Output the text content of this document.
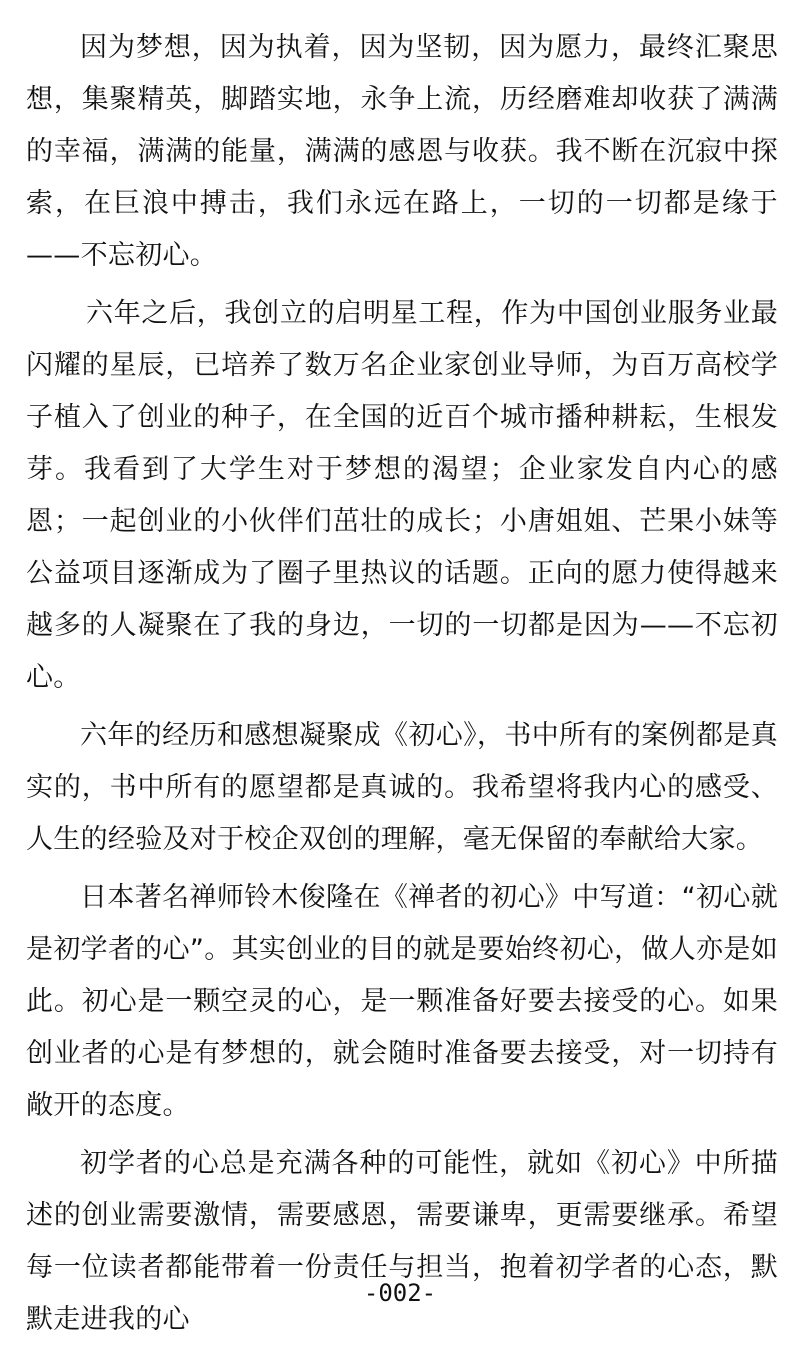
因为梦想，因为执着，因为坚韧，因为愿力，最终汇聚思想，集聚精英，脚踏实地，永争上流，历经磨难却收获了满满的幸福，满满的能量，满满的感恩与收获。我不断在沉寂中探索，在巨浪中搏击，我们永远在路上，一切的一切都是缘于——不忘初心。

六年之后，我创立的启明星工程，作为中国创业服务业最闪耀的星辰，已培养了数万名企业家创业导师，为百万高校学子植入了创业的种子，在全国的近百个城市播种耕耘，生根发芽。我看到了大学生对于梦想的渴望；企业家发自内心的感恩；一起创业的小伙伴们茁壮的成长；小唐姐姐、芒果小妹等公益项目逐渐成为了圈子里热议的话题。正向的愿力使得越来越多的人凝聚在了我的身边，一切的一切都是因为——不忘初心。

六年的经历和感想凝聚成《初心》，书中所有的案例都是真实的，书中所有的愿望都是真诚的。我希望将我内心的感受、人生的经验及对于校企双创的理解，毫无保留的奉献给大家。

日本著名禅师铃木俊隆在《禅者的初心》中写道：“初心就是初学者的心”。其实创业的目的就是要始终初心，做人亦是如此。初心是一颗空灵的心，是一颗准备好要去接受的心。如果创业者的心是有梦想的，就会随时准备要去接受，对一切持有敞开的态度。

初学者的心总是充满各种的可能性，就如《初心》中所描述的创业需要激情，需要感恩，需要谦卑，更需要继承。希望每一位读者都能带着一份责任与担当，抱着初学者的心态，默默走进我的心

-002-
